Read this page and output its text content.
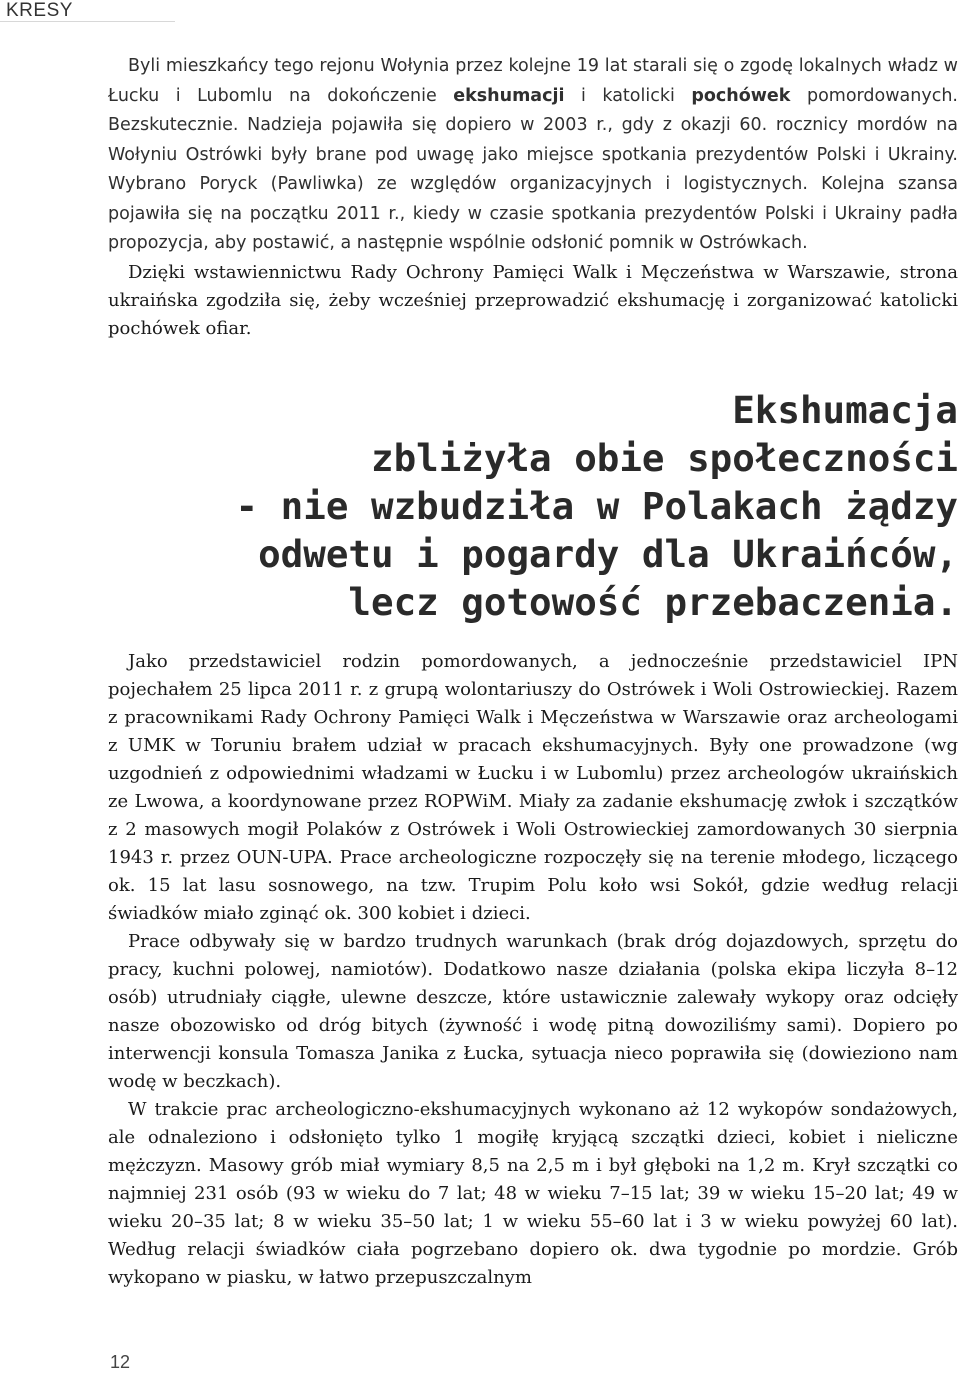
KRESY

Byli mieszkańcy tego rejonu Wołynia przez kolejne 19 lat starali się o zgodę lokalnych władz w Łucku i Lubomlu na dokończenie ekshumacji i katolicki pochówek pomordowanych. Bezskutecznie. Nadzieja pojawiła się dopiero w 2003 r., gdy z okazji 60. rocznicy mordów na Wołyniu Ostrówki były brane pod uwagę jako miejsce spotkania prezydentów Polski i Ukrainy. Wybrano Poryck (Pawliwka) ze względów organizacyjnych i logistycznych. Kolejna szansa pojawiła się na początku 2011 r., kiedy w czasie spotkania prezydentów Polski i Ukrainy padła propozycja, aby postawić, a następnie wspólnie odsłonić pomnik w Ostrówkach.

Dzięki wstawiennictwu Rady Ochrony Pamięci Walk i Męczeństwa w Warszawie, strona ukraińska zgodziła się, żeby wcześniej przeprowadzić ekshumację i zorganizować katolicki pochówek ofiar.

Ekshumacja
zbliżyła obie społeczności
- nie wzbudziła w Polakach żądzy
odwetu i pogardy dla Ukraińców,
lecz gotowość przebaczenia.

Jako przedstawiciel rodzin pomordowanych, a jednocześnie przedstawiciel IPN pojechałem 25 lipca 2011 r. z grupą wolontariuszy do Ostrówek i Woli Ostrowieckiej. Razem z pracownikami Rady Ochrony Pamięci Walk i Męczeństwa w Warszawie oraz archeologami z UMK w Toruniu brałem udział w pracach ekshumacyjnych. Były one prowadzone (wg uzgodnień z odpowiednimi władzami w Łucku i w Lubomlu) przez archeologów ukraińskich ze Lwowa, a koordynowane przez ROPWiM. Miały za zadanie ekshumację zwłok i szczątków z 2 masowych mogił Polaków z Ostrówek i Woli Ostrowieckiej zamordowanych 30 sierpnia 1943 r. przez OUN-UPA. Prace archeologiczne rozpoczęły się na terenie młodego, liczącego ok. 15 lat lasu sosnowego, na tzw. Trupim Polu koło wsi Sokół, gdzie według relacji świadków miało zginąć ok. 300 kobiet i dzieci.

Prace odbywały się w bardzo trudnych warunkach (brak dróg dojazdowych, sprzętu do pracy, kuchni polowej, namiotów). Dodatkowo nasze działania (polska ekipa liczyła 8–12 osób) utrudniały ciągłe, ulewne deszcze, które ustawicznie zalewały wykopy oraz odcięły nasze obozowisko od dróg bitych (żywność i wodę pitną dowoziliśmy sami). Dopiero po interwencji konsula Tomasza Janika z Łucka, sytuacja nieco poprawiła się (dowieziono nam wodę w beczkach).

W trakcie prac archeologiczno-ekshumacyjnych wykonano aż 12 wykopów sondażowych, ale odnaleziono i odsłonięto tylko 1 mogiłę kryjącą szczątki dzieci, kobiet i nieliczne mężczyzn. Masowy grób miał wymiary 8,5 na 2,5 m i był głęboki na 1,2 m. Krył szczątki co najmniej 231 osób (93 w wieku do 7 lat; 48 w wieku 7–15 lat; 39 w wieku 15–20 lat; 49 w wieku 20–35 lat; 8 w wieku 35–50 lat; 1 w wieku 55–60 lat i 3 w wieku powyżej 60 lat). Według relacji świadków ciała pogrzebano dopiero ok. dwa tygodnie po mordzie. Grób wykopano w piasku, w łatwo przepuszczalnym

12
